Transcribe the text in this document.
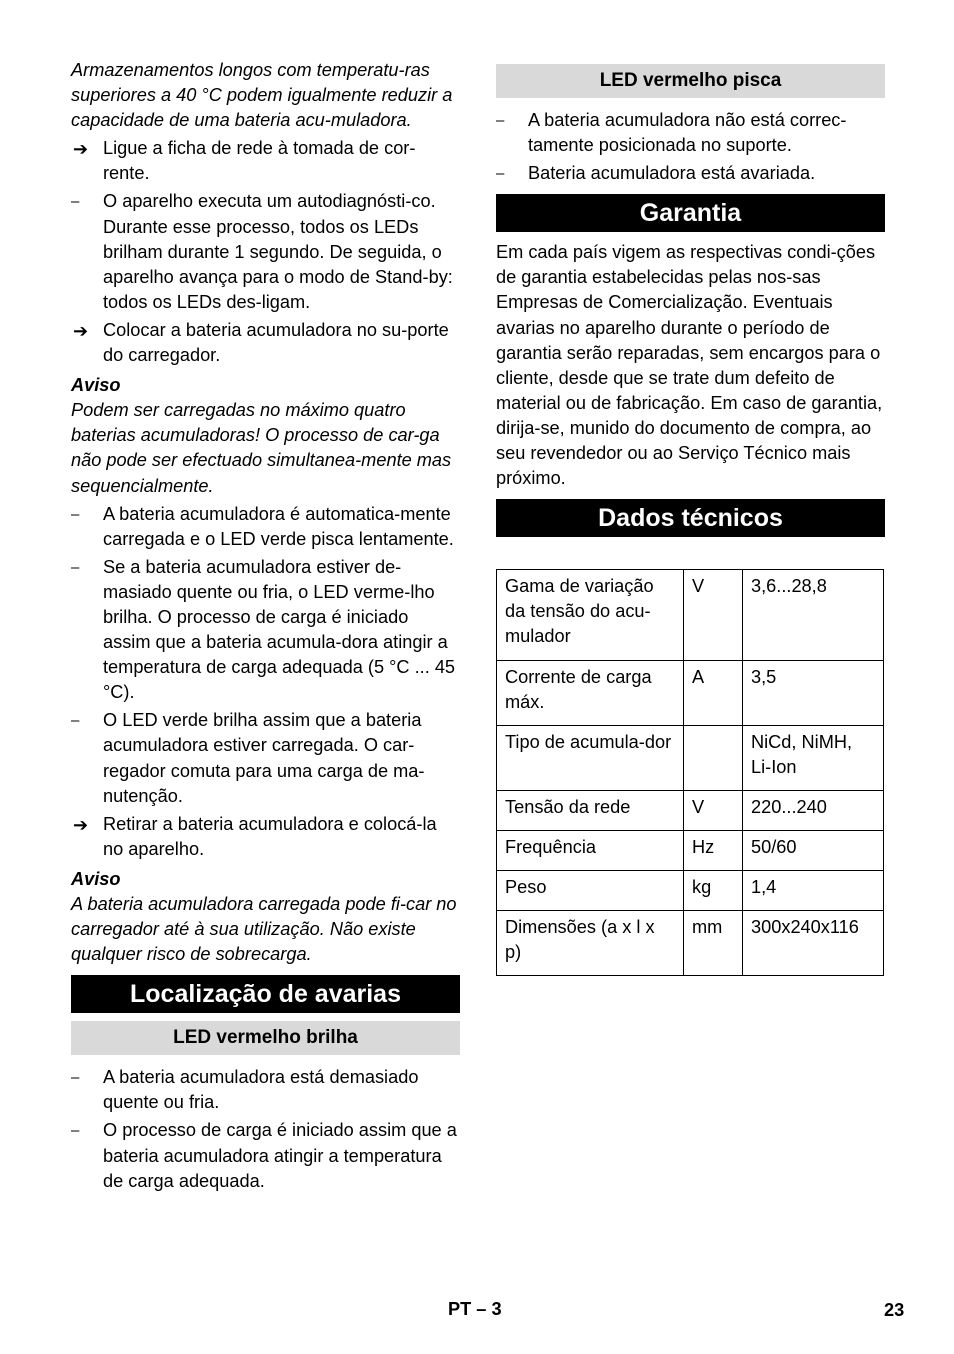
Armazenamentos longos com temperatu-ras superiores a 40 °C podem igualmente reduzir a capacidade de uma bateria acu-muladora.

➔ Ligue a ficha de rede à tomada de cor-rente.
–	O aparelho executa um autodiagnósti-co. Durante esse processo, todos os LEDs brilham durante 1 segundo. De seguida, o aparelho avança para o modo de Stand-by: todos os LEDs des-ligam.
➔ Colocar a bateria acumuladora no su-porte do carregador.

Aviso

Podem ser carregadas no máximo quatro baterias acumuladoras! O processo de car-ga não pode ser efectuado simultanea-mente mas sequencialmente.

–	A bateria acumuladora é automatica-mente carregada e o LED verde pisca lentamente.
–	Se a bateria acumuladora estiver de-masiado quente ou fria, o LED verme-lho brilha. O processo de carga é iniciado assim que a bateria acumula-dora atingir a temperatura de carga adequada (5 °C ... 45 °C).
–	O LED verde brilha assim que a bateria acumuladora estiver carregada. O car-regador comuta para uma carga de ma-nutenção.
➔ Retirar a bateria acumuladora e colocá-la no aparelho.

Aviso

A bateria acumuladora carregada pode fi-car no carregador até à sua utilização. Não existe qualquer risco de sobrecarga.

Localização de avarias
LED vermelho brilha
–	A bateria acumuladora está demasiado quente ou fria.
–	O processo de carga é iniciado assim que a bateria acumuladora atingir a temperatura de carga adequada.
LED vermelho pisca
–	A bateria acumuladora não está correc-tamente posicionada no suporte.
–	Bateria acumuladora está avariada.
Garantia

Em cada país vigem as respectivas condi-ções de garantia estabelecidas pelas nos-sas Empresas de Comercialização. Eventuais avarias no aparelho durante o período de garantia serão reparadas, sem encargos para o cliente, desde que se trate dum defeito de material ou de fabricação. Em caso de garantia, dirija-se, munido do documento de compra, ao seu revendedor ou ao Serviço Técnico mais próximo.

Dados técnicos
Gama de variação da tensão do acu-mulador	V	3,6...28,8
Corrente de carga máx.	A	3,5
Tipo de acumula-dor		NiCd, NiMH, Li-Ion
Tensão da rede	V	220...240
Frequência	Hz	50/60
Peso	kg	1,4
Dimensões (a x l x p)	mm	300x240x116
PT – 3	23
